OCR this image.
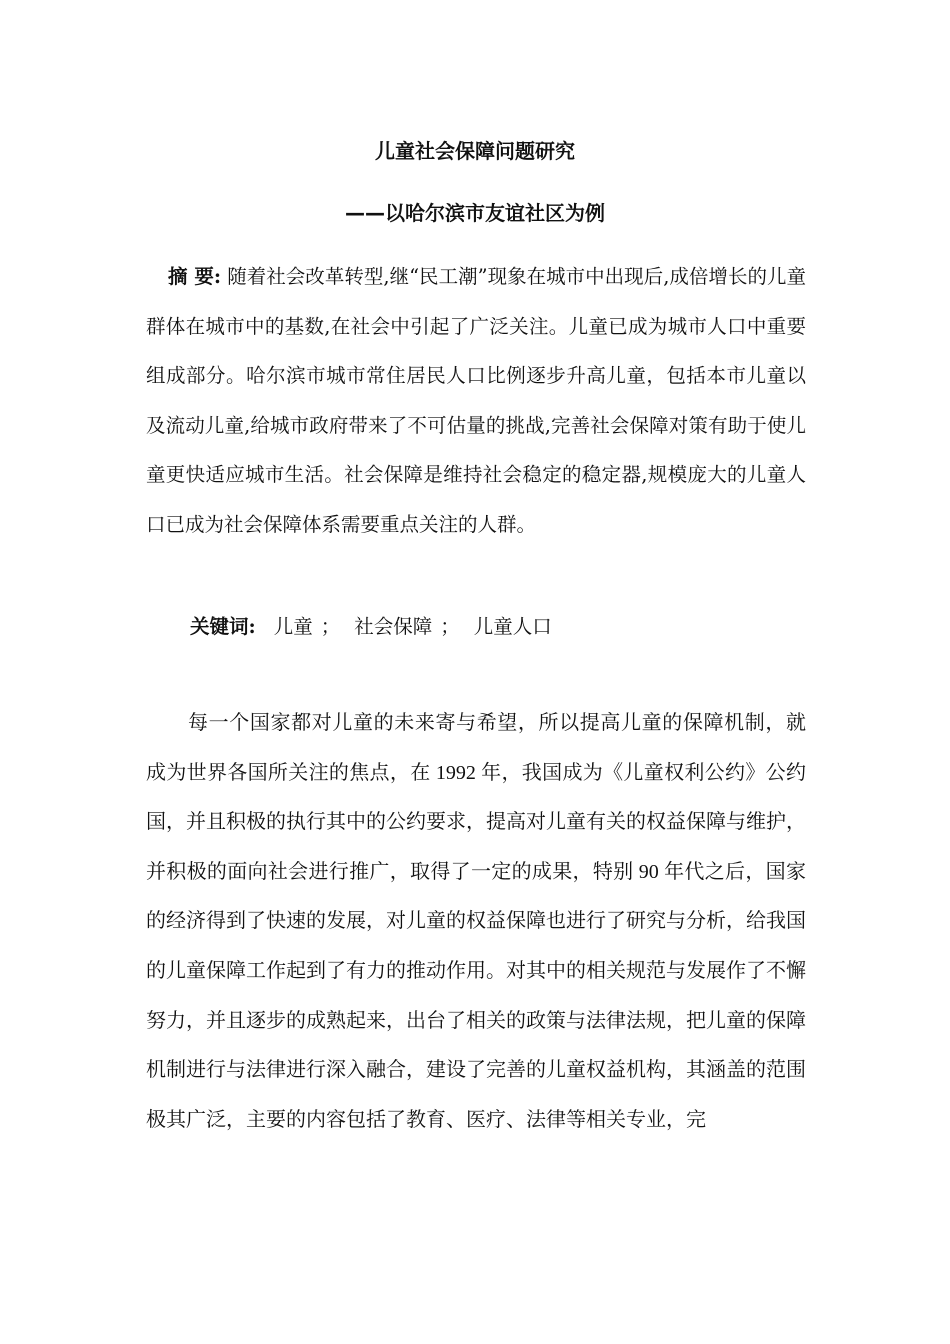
儿童社会保障问题研究
——以哈尔滨市友谊社区为例

摘 要: 随着社会改革转型,继“民工潮”现象在城市中出现后,成倍增长的儿童群体在城市中的基数,在社会中引起了广泛关注。儿童已成为城市人口中重要组成部分。哈尔滨市城市常住居民人口比例逐步升高儿童，包括本市儿童以及流动儿童,给城市政府带来了不可估量的挑战,完善社会保障对策有助于使儿童更快适应城市生活。社会保障是维持社会稳定的稳定器,规模庞大的儿童人口已成为社会保障体系需要重点关注的人群。

关键词: 儿童 ； 社会保障 ； 儿童人口

每一个国家都对儿童的未来寄与希望，所以提高儿童的保障机制，就成为世界各国所关注的焦点，在 1992 年，我国成为《儿童权利公约》公约国，并且积极的执行其中的公约要求，提高对儿童有关的权益保障与维护，并积极的面向社会进行推广，取得了一定的成果，特别 90 年代之后，国家的经济得到了快速的发展，对儿童的权益保障也进行了研究与分析，给我国的儿童保障工作起到了有力的推动作用。对其中的相关规范与发展作了不懈努力，并且逐步的成熟起来，出台了相关的政策与法律法规，把儿童的保障机制进行与法律进行深入融合，建设了完善的儿童权益机构，其涵盖的范围极其广泛，主要的内容包括了教育、医疗、法律等相关专业，完
